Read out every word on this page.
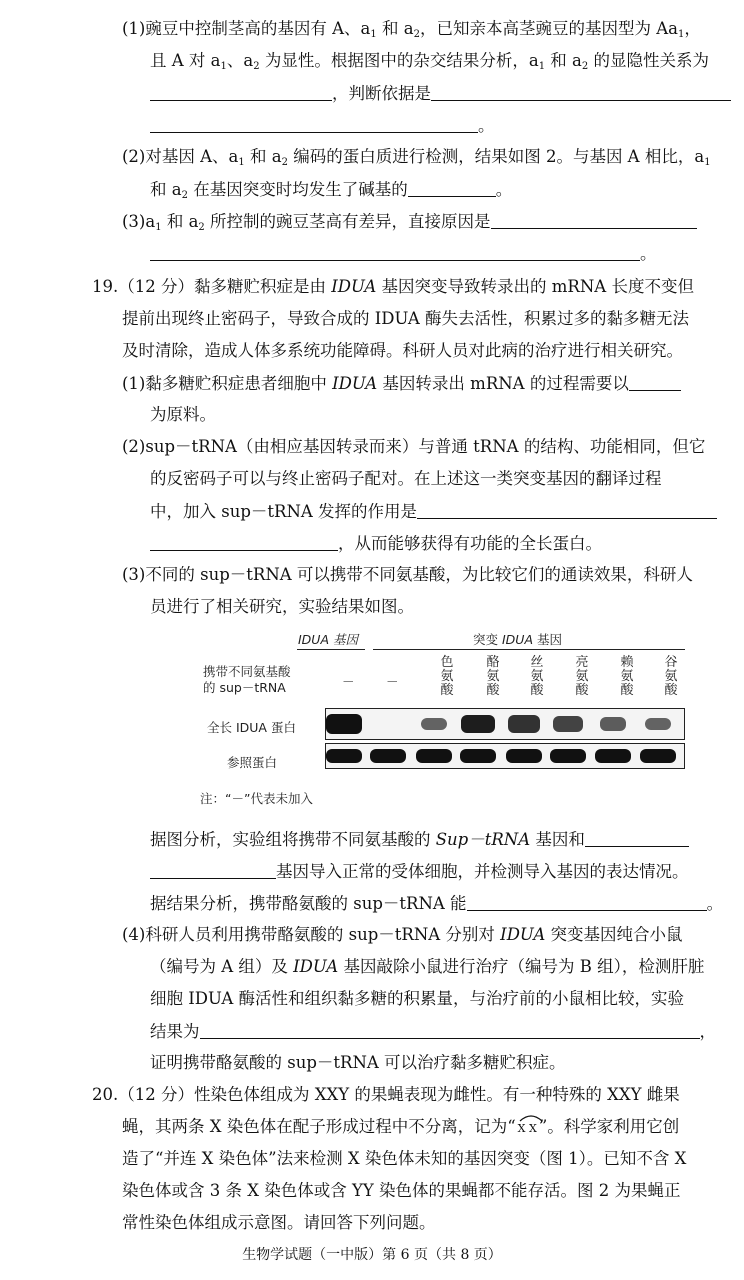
(1)豌豆中控制茎高的基因有 A、$a_1$ 和 $a_2$，已知亲本高茎豌豆的基因型为 $Aa_1$，
且 A 对 $a_1$、$a_2$ 为显性。根据图中的杂交结果分析，$a_1$ 和 $a_2$ 的显隐性关系为
，判断依据是
。
(2)对基因 A、$a_1$ 和 $a_2$ 编码的蛋白质进行检测，结果如图 2。与基因 A 相比，$a_1$
和 $a_2$ 在基因突变时均发生了碱基的	。
$(3)a_1$ 和 $a_2$ 所控制的豌豆茎高有差异，直接原因是
。
19.（12 分）黏多糖贮积症是由 IDUA 基因突变导致转录出的 mRNA 长度不变但
提前出现终止密码子，导致合成的 IDUA 酶失去活性，积累过多的黏多糖无法
及时清除，造成人体多系统功能障碍。科研人员对此病的治疗进行相关研究。
(1)黏多糖贮积症患者细胞中 IDUA 基因转录出 mRNA 的过程需要以
为原料。
(2)sup－tRNA（由相应基因转录而来）与普通 tRNA 的结构、功能相同，但它
的反密码子可以与终止密码子配对。在上述这一类突变基因的翻译过程
中，加入 sup－tRNA 发挥的作用是
，从而能够获得有功能的全长蛋白。
(3)不同的 sup－tRNA 可以携带不同氨基酸，为比较它们的通读效果，科研人
员进行了相关研究，实验结果如图。
IDUA 基因	突变 IDUA 基因
携带不同氨基酸
的 sup－tRNA	－	－
色氨酸
酪氨酸
丝氨酸
亮氨酸
赖氨酸
谷氨酸
全长 IDUA 蛋白
参照蛋白
注：“－”代表未加入
据图分析，实验组将携带不同氨基酸的 Sup－tRNA 基因和
基因导入正常的受体细胞，并检测导入基因的表达情况。
据结果分析，携带酪氨酸的 sup－tRNA 能	。
(4)科研人员利用携带酪氨酸的 sup－tRNA 分别对 IDUA 突变基因纯合小鼠
（编号为 A 组）及 IDUA 基因敲除小鼠进行治疗（编号为 B 组），检测肝脏
细胞 IDUA 酶活性和组织黏多糖的积累量，与治疗前的小鼠相比较，实验
结果为	，
证明携带酪氨酸的 sup－tRNA 可以治疗黏多糖贮积症。
20.（12 分）性染色体组成为 XXY 的果蝇表现为雌性。有一种特殊的 XXY 雌果
蝇，其两条 X 染色体在配子形成过程中不分离，记为“ X X ”。科学家利用它创
造了“并连 X 染色体”法来检测 X 染色体未知的基因突变（图 1）。已知不含 X
染色体或含 3 条 X 染色体或含 YY 染色体的果蝇都不能存活。图 2 为果蝇正
常性染色体组成示意图。请回答下列问题。
生物学试题（一中版）第 6 页（共 8 页）
